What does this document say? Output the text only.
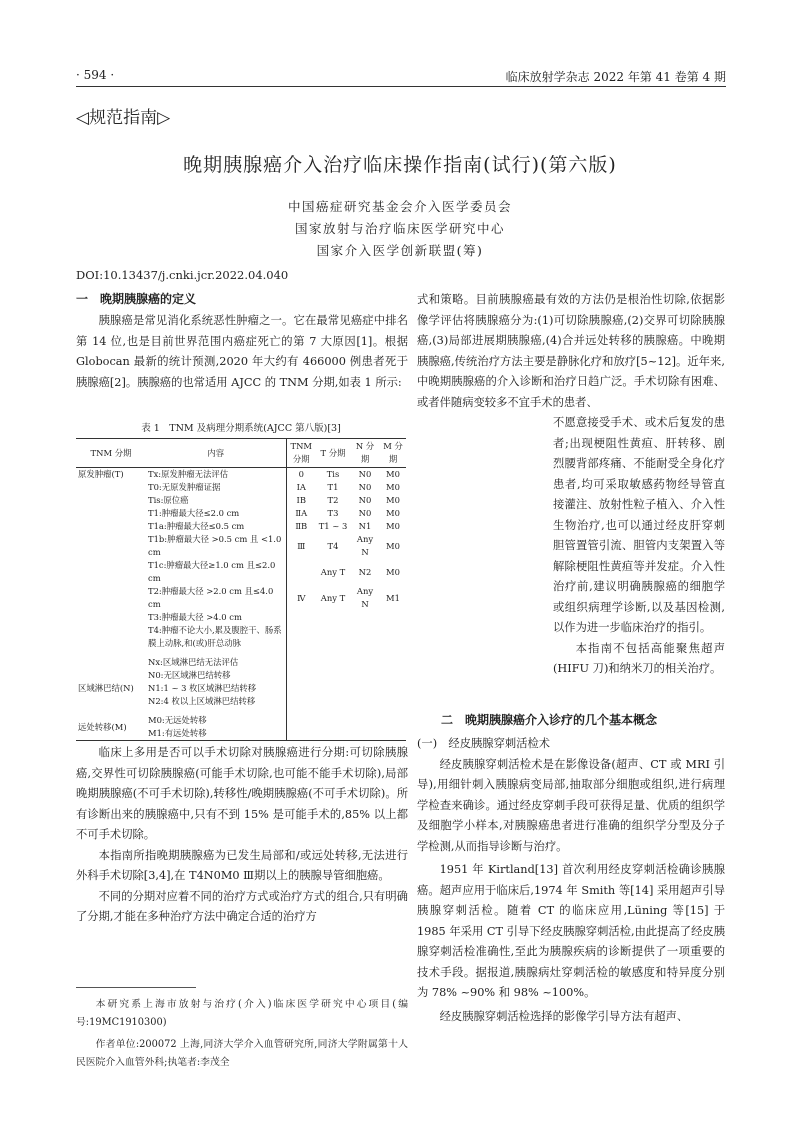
· 594 ·	临床放射学杂志 2022 年第 41 卷第 4 期
◁规范指南▷
晚期胰腺癌介入治疗临床操作指南(试行)(第六版)
中国癌症研究基金会介入医学委员会
国家放射与治疗临床医学研究中心
国家介入医学创新联盟(筹)
DOI:10.13437/j.cnki.jcr.2022.04.040
一　晚期胰腺癌的定义

胰腺癌是常见消化系统恶性肿瘤之一。它在最常见癌症中排名第 14 位,也是目前世界范围内癌症死亡的第 7 大原因[1]。根据 Globocan 最新的统计预测,2020 年大约有 466000 例患者死于胰腺癌[2]。胰腺癌的也常适用 AJCC 的 TNM 分期,如表 1 所示:

表 1　TNM 及病理分期系统(AJCC 第八版)[3]
TNM 分期	内容	TNM 分期	T 分期	N 分期	M 分期
原发肿瘤(T)	Tx:原发肿瘤无法评估	0	Tis	N0	M0
	T0:无原发肿瘤证据	ⅠA	T1	N0	M0
	Tis:原位癌	ⅠB	T2	N0	M0
	T1:肿瘤最大径≤2.0 cm	ⅡA	T3	N0	M0
	T1a:肿瘤最大径≤0.5 cm	ⅡB	T1 ~ 3	N1	M0
	T1b:肿瘤最大径 >0.5 cm 且 <1.0 cm	Ⅲ	T4	Any N	M0
	T1c:肿瘤最大径≥1.0 cm 且≤2.0 cm		Any T	N2	M0
	T2:肿瘤最大径 >2.0 cm 且≤4.0 cm	Ⅳ	Any T	Any N	M1
	T3:肿瘤最大径 >4.0 cm				
	T4:肿瘤不论大小,累及腹腔干、肠系膜上动脉,和(或)肝总动脉				

	Nx:区域淋巴结无法评估				
	N0:无区域淋巴结转移				
区域淋巴结(N)	N1:1 ~ 3 枚区域淋巴结转移				
	N2:4 枚以上区域淋巴结转移				

远处转移(M)	M0:无远处转移				
	M1:有远处转移				

临床上多用是否可以手术切除对胰腺癌进行分期:可切除胰腺癌,交界性可切除胰腺癌(可能手术切除,也可能不能手术切除),局部晚期胰腺癌(不可手术切除),转移性/晚期胰腺癌(不可手术切除)。所有诊断出来的胰腺癌中,只有不到 15% 是可能手术的,85% 以上都不可手术切除。

本指南所指晚期胰腺癌为已发生局部和/或远处转移,无法进行外科手术切除[3,4],在 T4N0M0 Ⅲ期以上的胰腺导管细胞癌。

不同的分期对应着不同的治疗方式或治疗方式的组合,只有明确了分期,才能在多种治疗方法中确定合适的治疗方

本研究系上海市放射与治疗(介入)临床医学研究中心项目(编号:19MC1910300)

作者单位:200072 上海,同济大学介入血管研究所,同济大学附属第十人民医院介入血管外科;执笔者:李茂全

式和策略。目前胰腺癌最有效的方法仍是根治性切除,依据影像学评估将胰腺癌分为:(1)可切除胰腺癌,(2)交界可切除胰腺癌,(3)局部进展期胰腺癌,(4)合并远处转移的胰腺癌。中晚期胰腺癌,传统治疗方法主要是静脉化疗和放疗[5~12]。近年来,中晚期胰腺癌的介入诊断和治疗日趋广泛。手术切除有困难、或者伴随病变较多不宜手术的患者、

不愿意接受手术、或术后复发的患者;出现梗阻性黄疸、肝转移、剧烈腰背部疼痛、不能耐受全身化疗患者,均可采取敏感药物经导管直接灌注、放射性粒子植入、介入性生物治疗,也可以通过经皮肝穿刺胆管置管引流、胆管内支架置入等解除梗阻性黄疸等并发症。介入性治疗前,建议明确胰腺癌的细胞学或组织病理学诊断,以及基因检测,以作为进一步临床治疗的指引。

本指南不包括高能聚焦超声(HIFU 刀)和纳米刀的相关治疗。

二　晚期胰腺癌介入诊疗的几个基本概念
(一)　经皮胰腺穿刺活检术

经皮胰腺穿刺活检术是在影像设备(超声、CT 或 MRI 引导),用细针刺入胰腺病变局部,抽取部分细胞或组织,进行病理学检查来确诊。通过经皮穿刺手段可获得足量、优质的组织学及细胞学小样本,对胰腺癌患者进行准确的组织学分型及分子学检测,从而指导诊断与治疗。

1951 年 Kirtland[13] 首次利用经皮穿刺活检确诊胰腺癌。超声应用于临床后,1974 年 Smith 等[14] 采用超声引导胰腺穿刺活检。随着 CT 的临床应用,Lüning 等[15] 于 1985 年采用 CT 引导下经皮胰腺穿刺活检,由此提高了经皮胰腺穿刺活检准确性,至此为胰腺疾病的诊断提供了一项重要的技术手段。据报道,胰腺病灶穿刺活检的敏感度和特异度分别为 78% ~90% 和 98% ~100%。

经皮胰腺穿刺活检选择的影像学引导方法有超声、
